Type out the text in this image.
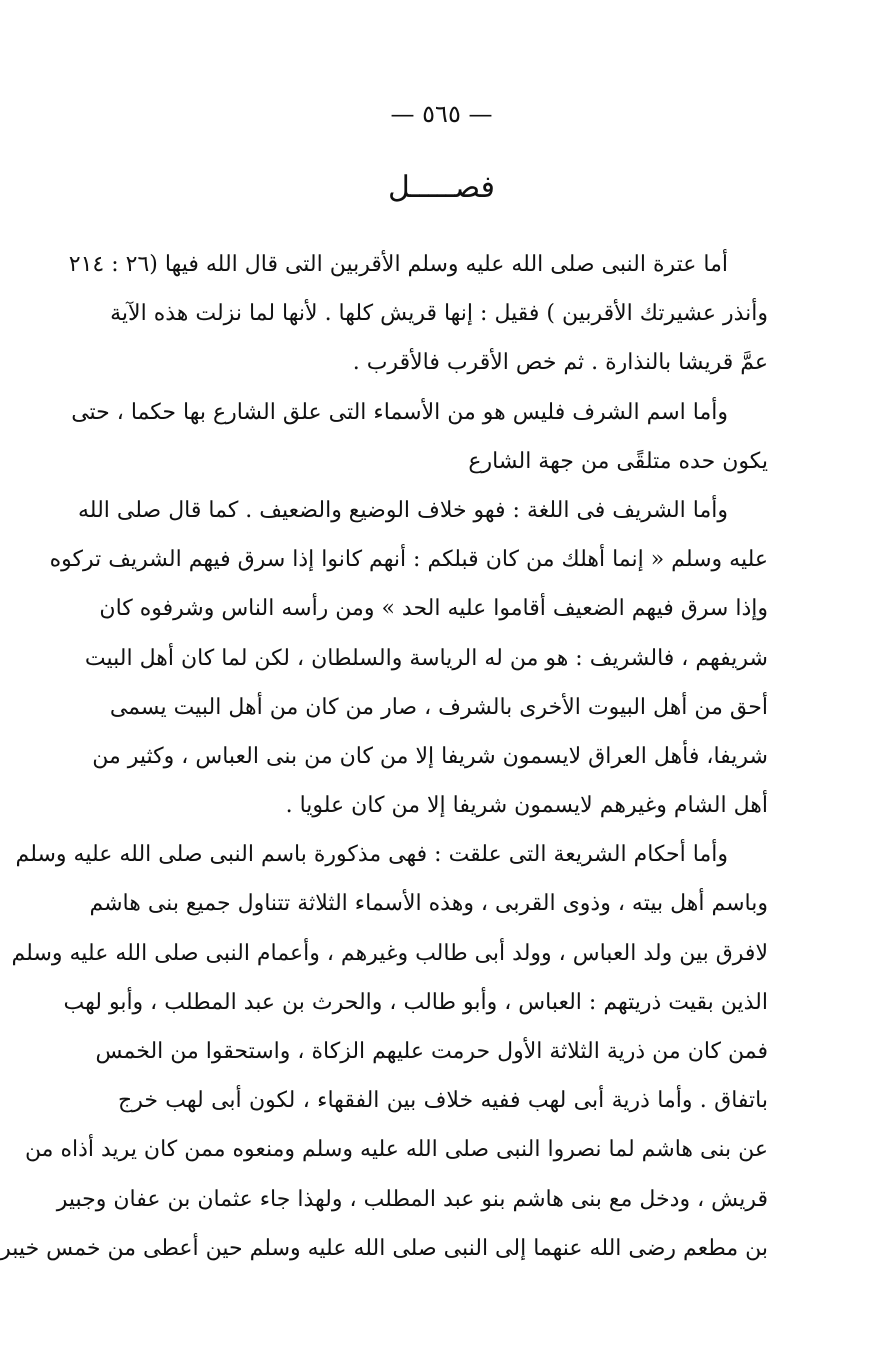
— ٥٦٥ —
فصـــــل
أما عترة النبى صلى الله عليه وسلم الأقربين التى قال الله فيها (٢٦ : ٢١٤
وأنذر عشيرتك الأقربين ) فقيل : إنها قريش كلها . لأنها لما نزلت هذه الآية
عمَّ قريشا بالنذارة . ثم خص الأقرب فالأقرب .
وأما اسم الشرف فليس هو من الأسماء التى علق الشارع بها حكما ، حتى
يكون حده متلقًى من جهة الشارع
وأما الشريف فى اللغة : فهو خلاف الوضيع والضعيف . كما قال صلى الله
عليه وسلم « إنما أهلك من كان قبلكم : أنهم كانوا إذا سرق فيهم الشريف تركوه
وإذا سرق فيهم الضعيف أقاموا عليه الحد » ومن رأسه الناس وشرفوه كان
شريفهم ، فالشريف : هو من له الرياسة والسلطان ، لكن لما كان أهل البيت
أحق من أهل البيوت الأخرى بالشرف ، صار من كان من أهل البيت يسمى
شريفا، فأهل العراق لايسمون شريفا إلا من كان من بنى العباس ، وكثير من
أهل الشام وغيرهم لايسمون شريفا إلا من كان علويا .
وأما أحكام الشريعة التى علقت : فهى مذكورة باسم النبى صلى الله عليه وسلم
وباسم أهل بيته ، وذوى القربى ، وهذه الأسماء الثلاثة تتناول جميع بنى هاشم
لافرق بين ولد العباس ، وولد أبى طالب وغيرهم ، وأعمام النبى صلى الله عليه وسلم
الذين بقيت ذريتهم : العباس ، وأبو طالب ، والحرث بن عبد المطلب ، وأبو لهب
فمن كان من ذرية الثلاثة الأول حرمت عليهم الزكاة ، واستحقوا من الخمس
باتفاق . وأما ذرية أبى لهب ففيه خلاف بين الفقهاء ، لكون أبى لهب خرج
عن بنى هاشم لما نصروا النبى صلى الله عليه وسلم ومنعوه ممن كان يريد أذاه من
قريش ، ودخل مع بنى هاشم بنو عبد المطلب ، ولهذا جاء عثمان بن عفان وجبير
بن مطعم رضى الله عنهما إلى النبى صلى الله عليه وسلم حين أعطى من خمس خيبر
